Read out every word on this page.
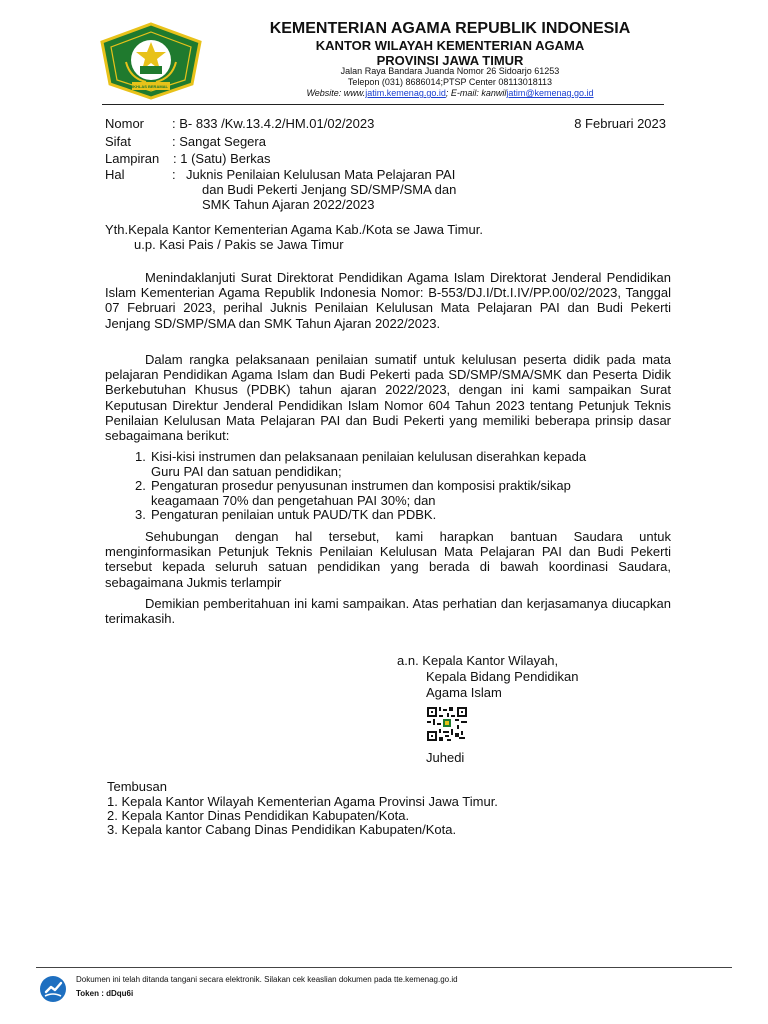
IKHLAS BERAMAL
KEMENTERIAN AGAMA REPUBLIK INDONESIA
KANTOR WILAYAH KEMENTERIAN AGAMA
PROVINSI JAWA TIMUR
Jalan Raya Bandara Juanda Nomor 26 Sidoarjo 61253
Telepon (031) 8686014;PTSP Center 08113018113
Website: www.jatim.kemenag.go.id; E-mail: kanwiljatim@kemenag.go.id
Nomor : B- 833 /Kw.13.4.2/HM.01/02/2023	8 Februari 2023
Sifat	: Sangat Segera
Lampiran : 1 (Satu) Berkas
Hal	: Juknis Penilaian Kelulusan Mata Pelajaran PAI
dan Budi Pekerti Jenjang SD/SMP/SMA dan
SMK Tahun Ajaran 2022/2023
Yth.Kepala Kantor Kementerian Agama Kab./Kota se Jawa Timur.
u.p. Kasi Pais / Pakis se Jawa Timur
Menindaklanjuti Surat Direktorat Pendidikan Agama Islam Direktorat Jenderal Pendidikan Islam Kementerian Agama Republik Indonesia Nomor: B-553/DJ.I/Dt.I.IV/PP.00/02/2023, Tanggal 07 Februari 2023, perihal Juknis Penilaian Kelulusan Mata Pelajaran PAI dan Budi Pekerti Jenjang SD/SMP/SMA dan SMK Tahun Ajaran 2022/2023.
Dalam rangka pelaksanaan penilaian sumatif untuk kelulusan peserta didik pada mata pelajaran Pendidikan Agama Islam dan Budi Pekerti pada SD/SMP/SMA/SMK dan Peserta Didik Berkebutuhan Khusus (PDBK) tahun ajaran 2022/2023, dengan ini kami sampaikan Surat Keputusan Direktur Jenderal Pendidikan Islam Nomor 604 Tahun 2023 tentang Petunjuk Teknis Penilaian Kelulusan Mata Pelajaran PAI dan Budi Pekerti yang memiliki beberapa prinsip dasar sebagaimana berikut:
1. Kisi-kisi instrumen dan pelaksanaan penilaian kelulusan diserahkan kepada
Guru PAI dan satuan pendidikan;
2. Pengaturan prosedur penyusunan instrumen dan komposisi praktik/sikap
keagamaan 70% dan pengetahuan PAI 30%; dan
3. Pengaturan penilaian untuk PAUD/TK dan PDBK.
Sehubungan dengan hal tersebut, kami harapkan bantuan Saudara untuk menginformasikan Petunjuk Teknis Penilaian Kelulusan Mata Pelajaran PAI dan Budi Pekerti tersebut kepada seluruh satuan pendidikan yang berada di bawah koordinasi Saudara, sebagaimana Jukmis terlampir
Demikian pemberitahuan ini kami sampaikan. Atas perhatian dan kerjasamanya diucapkan terimakasih.
a.n. Kepala Kantor Wilayah,
Kepala Bidang Pendidikan
Agama Islam
Juhedi
Tembusan
1. Kepala Kantor Wilayah Kementerian Agama Provinsi Jawa Timur.
2. Kepala Kantor Dinas Pendidikan Kabupaten/Kota.
3. Kepala kantor Cabang Dinas Pendidikan Kabupaten/Kota.
Dokumen ini telah ditanda tangani secara elektronik. Silakan cek keaslian dokumen pada tte.kemenag.go.id
Token : dDqu6i
